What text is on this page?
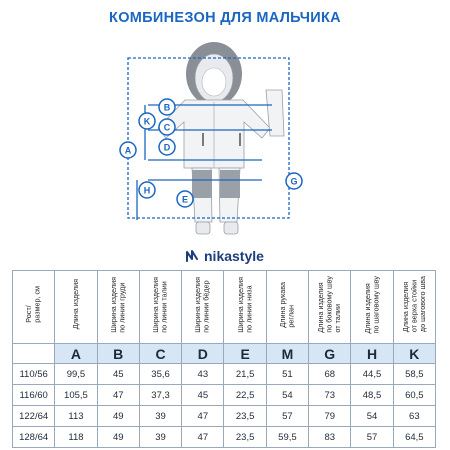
КОМБИНЕЗОН ДЛЯ МАЛЬЧИКА
A
B
C
D
K
H
E
G
nikastyle
Рост/
размер, см	Длина изделия	Ширина изделия
по линии груди	Ширина изделия
по линии талии	Ширина изделия
по линии бёдер	Ширина изделия
по линии низа	Длина рукава
реглан	Длина изделия
по боковому шву
от талии	Длина изделия
по шаговому шву	Длина изделия
от верха стойки
до шагового шва
	A	B	C	D	E	M	G	H	K
110/56	99,5	45	35,6	43	21,5	51	68	44,5	58,5
116/60	105,5	47	37,3	45	22,5	54	73	48,5	60,5
122/64	113	49	39	47	23,5	57	79	54	63
128/64	118	49	39	47	23,5	59,5	83	57	64,5
